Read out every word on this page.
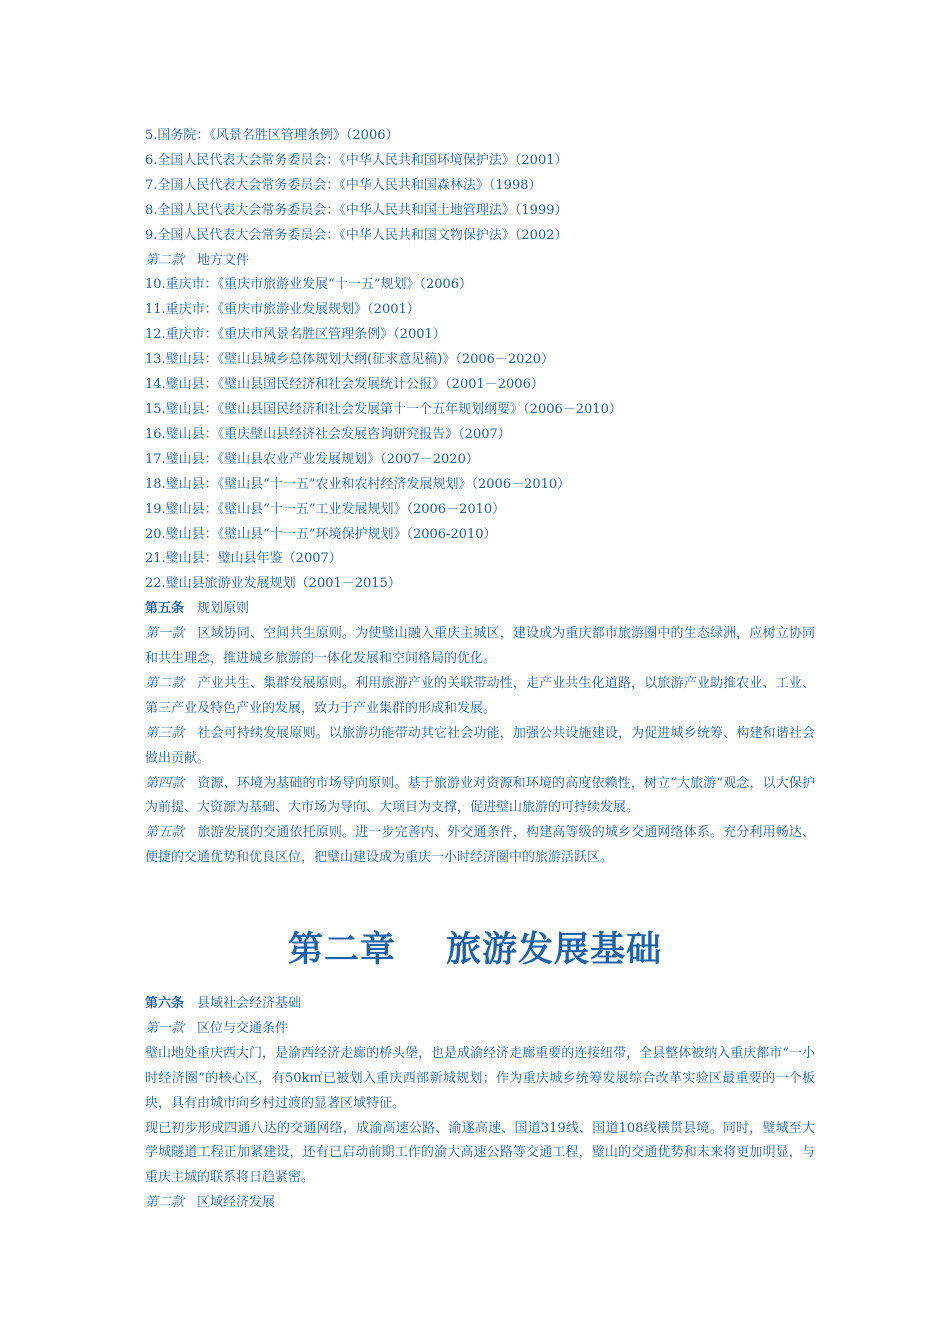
5.国务院：《风景名胜区管理条例》（2006）
6.全国人民代表大会常务委员会：《中华人民共和国环境保护法》（2001）
7.全国人民代表大会常务委员会：《中华人民共和国森林法》（1998）
8.全国人民代表大会常务委员会：《中华人民共和国土地管理法》（1999）
9.全国人民代表大会常务委员会：《中华人民共和国文物保护法》（2002）
第二款 地方文件
10.重庆市：《重庆市旅游业发展“十一五”规划》（2006）
11.重庆市：《重庆市旅游业发展规划》（2001）
12.重庆市：《重庆市风景名胜区管理条例》（2001）
13.璧山县：《璧山县城乡总体规划大纲(征求意见稿)》（2006－2020）
14.璧山县：《璧山县国民经济和社会发展统计公报》（2001－2006）
15.璧山县：《璧山县国民经济和社会发展第十一个五年规划纲要》（2006－2010）
16.璧山县：《重庆璧山县经济社会发展咨询研究报告》（2007）
17.璧山县：《璧山县农业产业发展规划》（2007－2020）
18.璧山县：《璧山县“十一五”农业和农村经济发展规划》（2006－2010）
19.璧山县：《璧山县“十一五”工业发展规划》（2006－2010）
20.璧山县：《璧山县“十一五”环境保护规划》（2006-2010）
21.璧山县：璧山县年鉴（2007）
22.璧山县旅游业发展规划（2001－2015）
第五条 规划原则
第一款 区域协同、空间共生原则。为使璧山融入重庆主城区，建设成为重庆都市旅游圈中的生态绿洲，应树立协同和共生理念，推进城乡旅游的一体化发展和空间格局的优化。
第二款 产业共生、集群发展原则。利用旅游产业的关联带动性，走产业共生化道路，以旅游产业助推农业、工业、第三产业及特色产业的发展，致力于产业集群的形成和发展。
第三款 社会可持续发展原则。以旅游功能带动其它社会功能，加强公共设施建设，为促进城乡统筹、构建和谐社会做出贡献。
第四款 资源、环境为基础的市场导向原则。基于旅游业对资源和环境的高度依赖性，树立“大旅游”观念，以大保护为前提、大资源为基础、大市场为导向、大项目为支撑，促进璧山旅游的可持续发展。
第五款 旅游发展的交通依托原则。进一步完善内、外交通条件，构建高等级的城乡交通网络体系。充分利用畅达、便捷的交通优势和优良区位，把璧山建设成为重庆一小时经济圈中的旅游活跃区。
第二章 旅游发展基础
第六条 县域社会经济基础
第一款 区位与交通条件
璧山地处重庆西大门，是渝西经济走廊的桥头堡，也是成渝经济走廊重要的连接纽带，全县整体被纳入重庆都市“一小时经济圈”的核心区，有50k㎡已被划入重庆西部新城规划；作为重庆城乡统筹发展综合改革实验区最重要的一个板块，具有由城市向乡村过渡的显著区域特征。
现已初步形成四通八达的交通网络，成渝高速公路、渝遂高速、国道319线、国道108线横贯县境。同时，璧城至大学城隧道工程正加紧建设，还有已启动前期工作的渝大高速公路等交通工程，璧山的交通优势和未来将更加明显，与重庆主城的联系将日趋紧密。
第二款 区域经济发展
